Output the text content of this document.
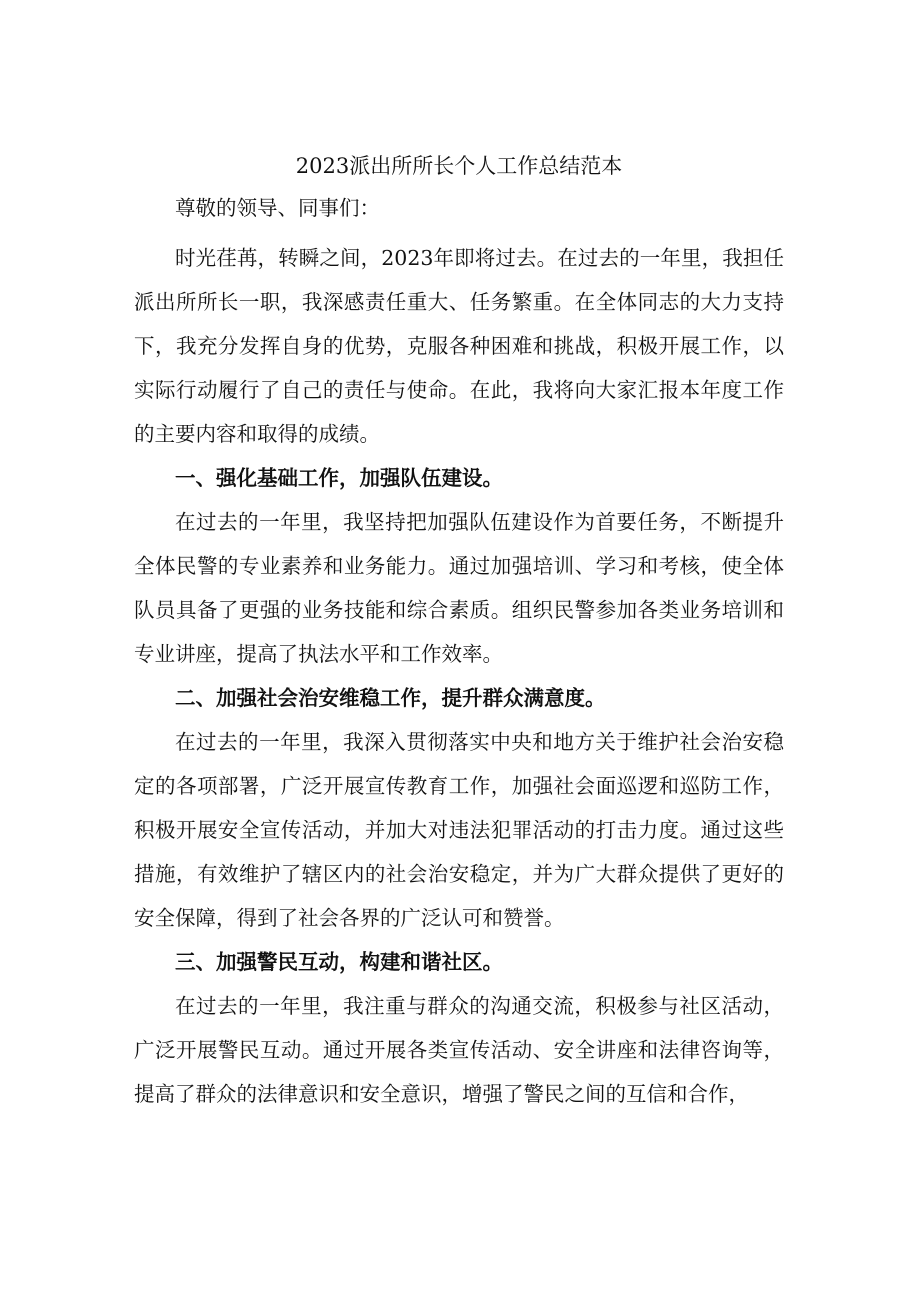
2023派出所所长个人工作总结范本
尊敬的领导、同事们：
时光荏苒，转瞬之间，2023年即将过去。在过去的一年里，我担任派出所所长一职，我深感责任重大、任务繁重。在全体同志的大力支持下，我充分发挥自身的优势，克服各种困难和挑战，积极开展工作，以实际行动履行了自己的责任与使命。在此，我将向大家汇报本年度工作的主要内容和取得的成绩。
一、强化基础工作，加强队伍建设。
在过去的一年里，我坚持把加强队伍建设作为首要任务，不断提升全体民警的专业素养和业务能力。通过加强培训、学习和考核，使全体队员具备了更强的业务技能和综合素质。组织民警参加各类业务培训和专业讲座，提高了执法水平和工作效率。
二、加强社会治安维稳工作，提升群众满意度。
在过去的一年里，我深入贯彻落实中央和地方关于维护社会治安稳定的各项部署，广泛开展宣传教育工作，加强社会面巡逻和巡防工作，积极开展安全宣传活动，并加大对违法犯罪活动的打击力度。通过这些措施，有效维护了辖区内的社会治安稳定，并为广大群众提供了更好的安全保障，得到了社会各界的广泛认可和赞誉。
三、加强警民互动，构建和谐社区。
在过去的一年里，我注重与群众的沟通交流，积极参与社区活动，广泛开展警民互动。通过开展各类宣传活动、安全讲座和法律咨询等，提高了群众的法律意识和安全意识，增强了警民之间的互信和合作，
